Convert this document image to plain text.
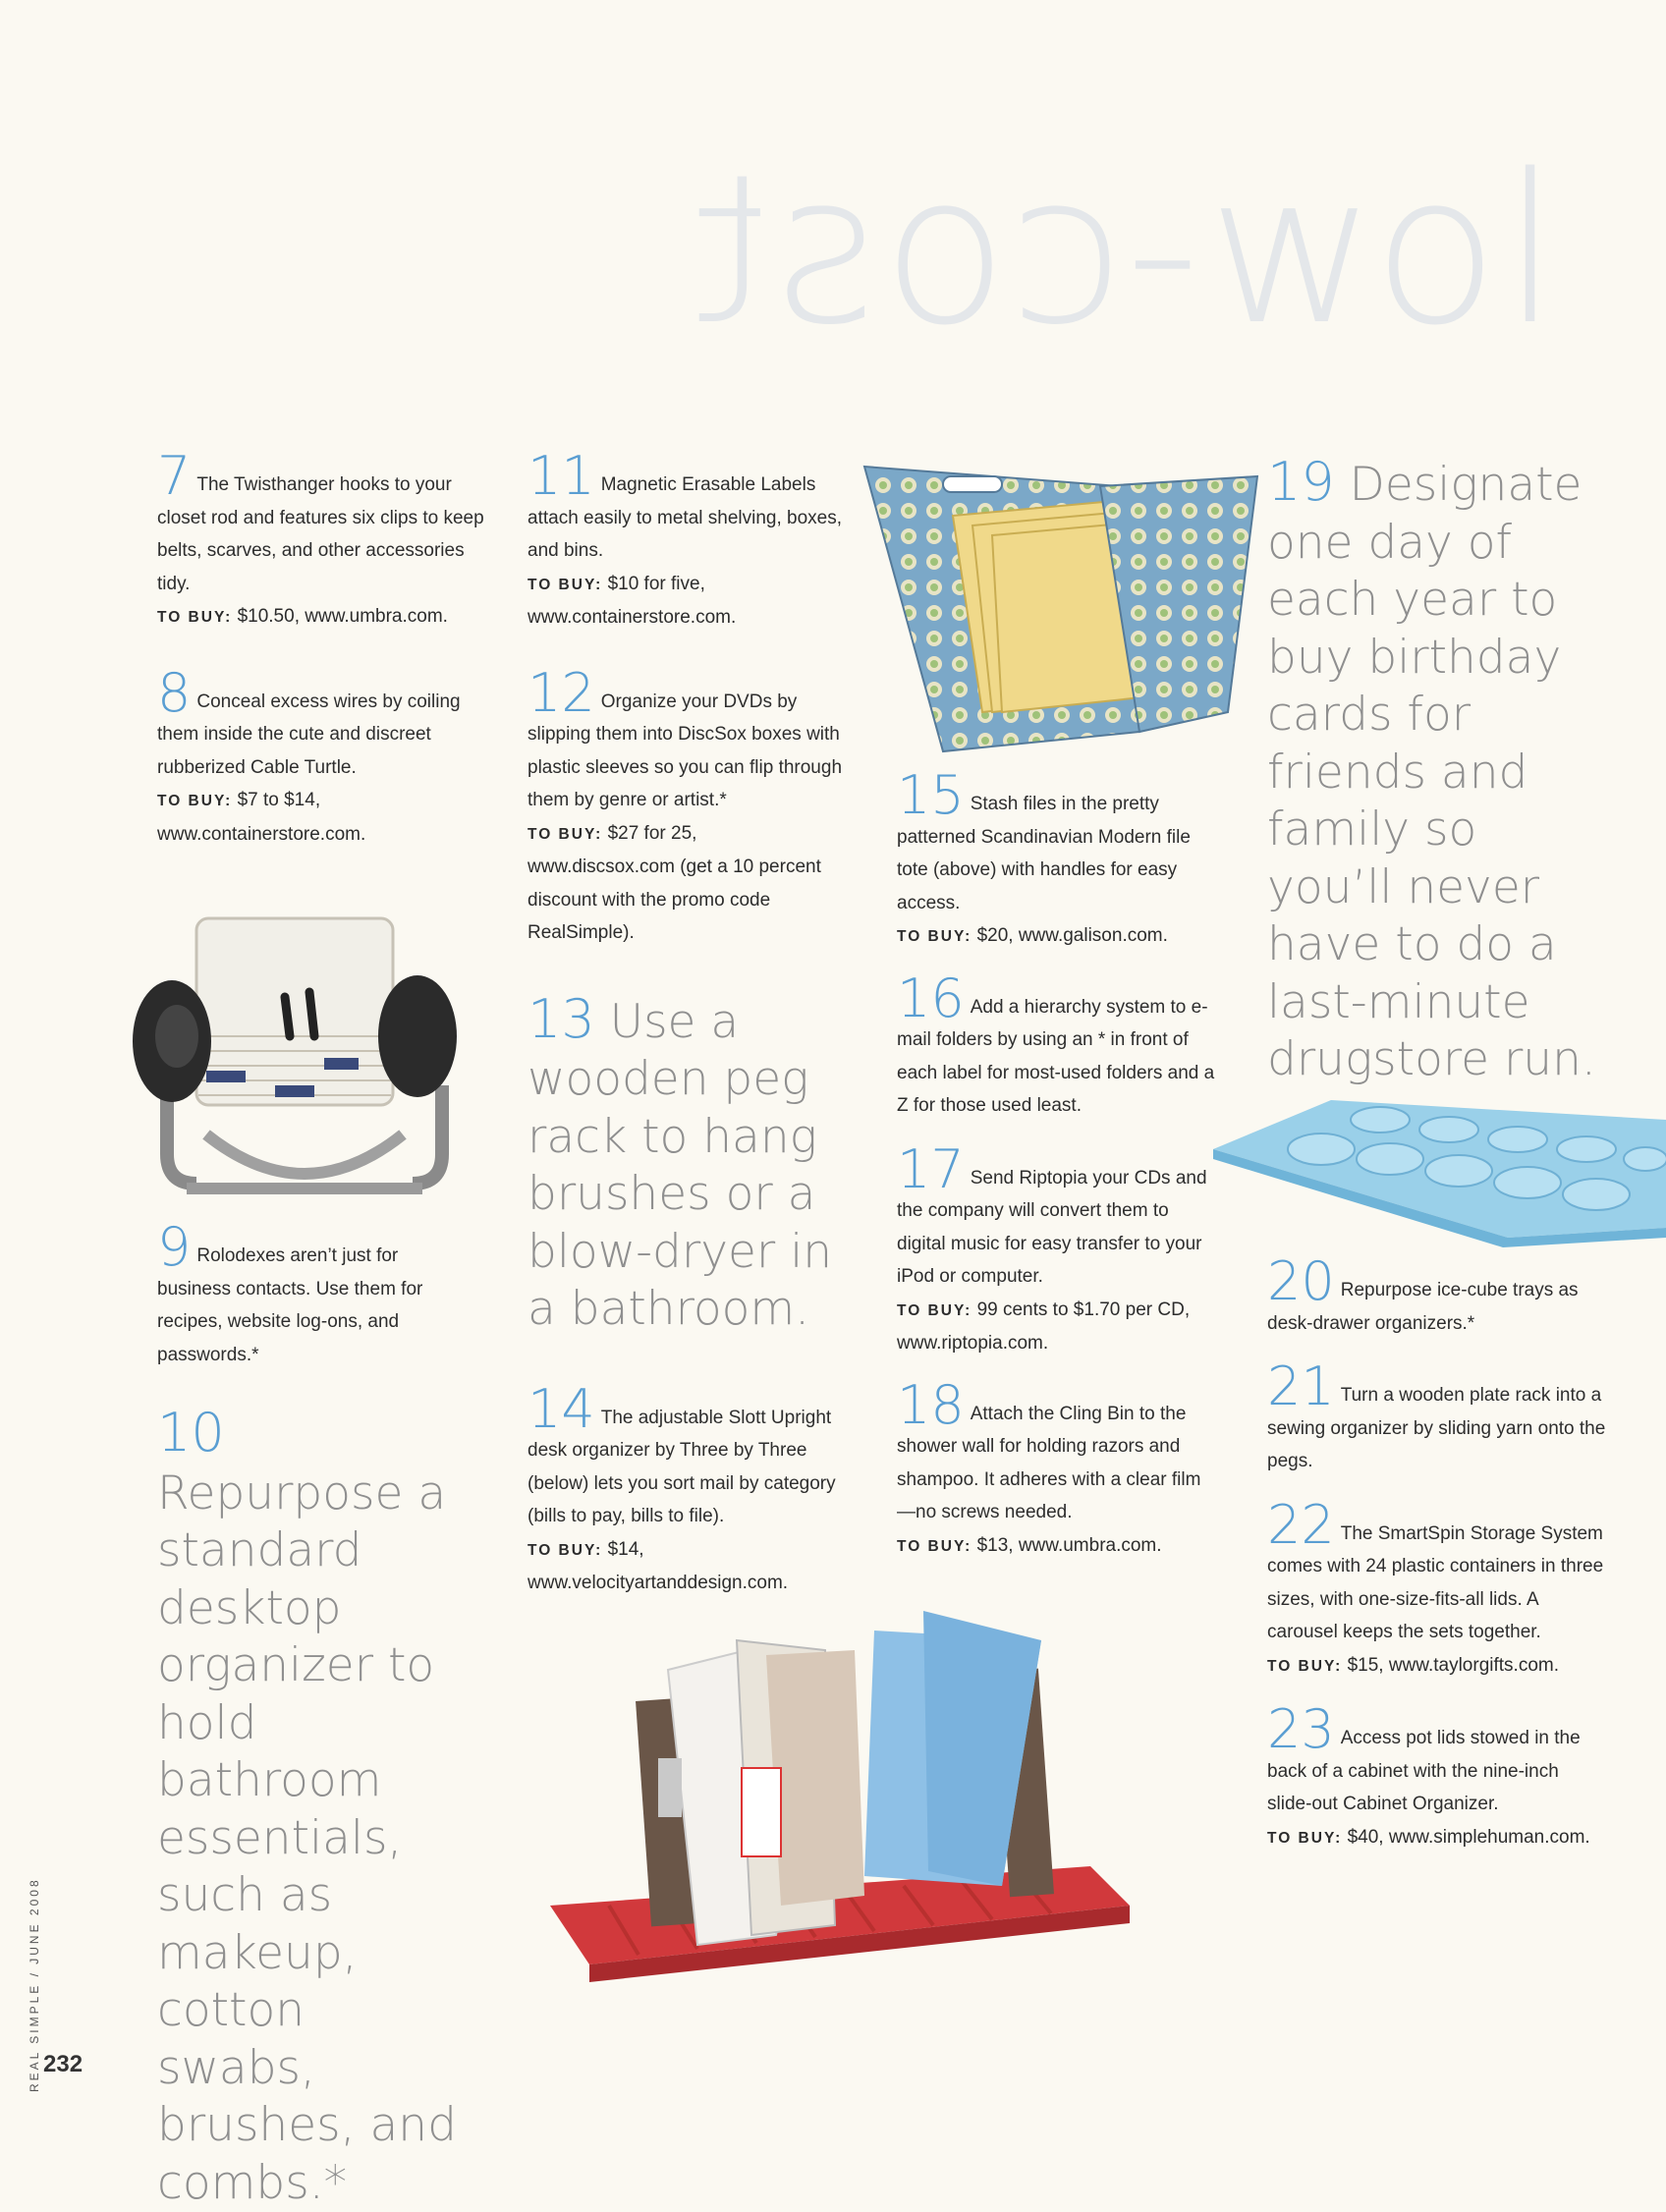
low-cost
7 The Twisthanger hooks to your closet rod and features six clips to keep belts, scarves, and other accessories tidy.
TO BUY: $10.50, www.umbra.com.
8 Conceal excess wires by coiling them inside the cute and discreet rubberized Cable Turtle.
TO BUY: $7 to $14, www.containerstore.com.
9 Rolodexes aren’t just for business contacts. Use them for recipes, website log-ons, and passwords.*

10 Repurpose a standard desktop organizer to hold bathroom essentials, such as makeup, cotton swabs, brushes, and combs.*

11 Magnetic Erasable Labels attach easily to metal shelving, boxes, and bins.
TO BUY: $10 for five, www.containerstore.com.
12 Organize your DVDs by slipping them into DiscSox boxes with plastic sleeves so you can flip through them by genre or artist.*
TO BUY: $27 for 25, www.discsox.com (get a 10 percent discount with the promo code RealSimple).

13 Use a wooden peg rack to hang brushes or a blow-dryer in a bathroom.

14 The adjustable Slott Upright desk organizer by Three by Three (below) lets you sort mail by category (bills to pay, bills to file).
TO BUY: $14, www.velocityartanddesign.com.
15 Stash files in the pretty patterned Scandinavian Modern file tote (above) with handles for easy access.
TO BUY: $20, www.galison.com.
16 Add a hierarchy system to e-mail folders by using an * in front of each label for most-used folders and a Z for those used least.
17 Send Riptopia your CDs and the company will convert them to digital music for easy transfer to your iPod or computer.
TO BUY: 99 cents to $1.70 per CD, www.riptopia.com.
18 Attach the Cling Bin to the shower wall for holding razors and shampoo. It adheres with a clear film—no screws needed.
TO BUY: $13, www.umbra.com.

19 Designate one day of each year to buy birthday cards for friends and family so you’ll never have to do a last-minute drugstore run.

20 Repurpose ice-cube trays as desk-drawer organizers.*
21 Turn a wooden plate rack into a sewing organizer by sliding yarn onto the pegs.
22 The SmartSpin Storage System comes with 24 plastic containers in three sizes, with one-size-fits-all lids. A carousel keeps the sets together.
TO BUY: $15, www.taylorgifts.com.
23 Access pot lids stowed in the back of a cabinet with the nine-inch slide-out Cabinet Organizer.
TO BUY: $40, www.simplehuman.com.
REAL SIMPLE / JUNE 2008 232
